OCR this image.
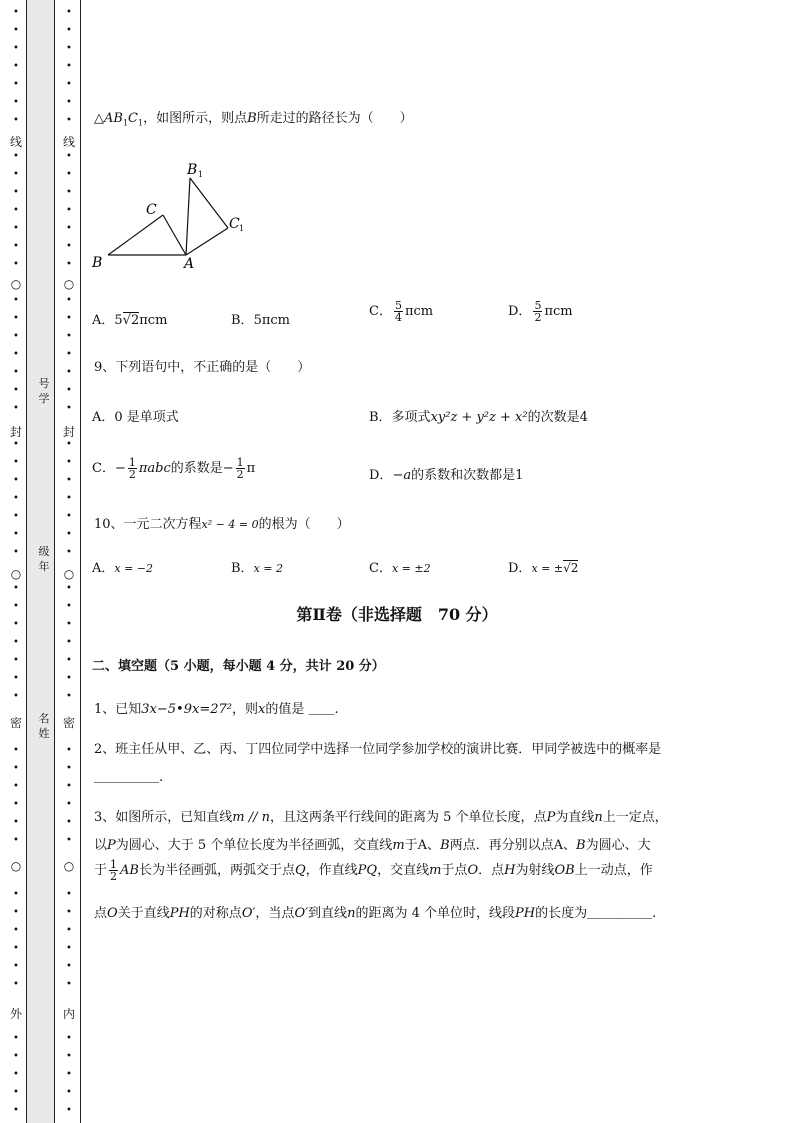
•
•
•
•
•
•
•
•
•
•
•
•
•
•
•
•
•
•
•
•
•
•
•
•
•
•
•
•
•
•
•
•
•
•
•
•
•
•
•
•
•
•
•
•
•
•
•
•
•
•
•
•
•
•
•
•
•
•
•
•
•
•
•
•
•
•
•
•
•
•
•
•
•
•
•
•
•
•
•
•
•
•
•
•
•
•
•
•
•
•
•
•
•
•
•
•
•
•
•
•
•
•
•
•
线
○
封
○
密
○
外
线
○
封
○
密
○
内
号学
级年
名姓
$\triangle AB_1C_1$，如图所示，则点B所走过的路径长为（　　）
B
C
A
B 1
C 1
A．5√2πcm	B．5πcm
C． $\frac{5}{4}$ πcm	D． $\frac{5}{2}$ πcm
9、下列语句中，不正确的是（　　）
A．0 是单项式	B．多项式xy²z + y²z + x²的次数是4
C．− $\frac{1}{2}$ πabc的系数是− $\frac{1}{2}$ π	D．−a的系数和次数都是1
10、一元二次方程x² − 4 = 0的根为（　　）
A．x = −2	B．x = 2	C．x = ±2	D．x = ±√2
第Ⅱ卷（非选择题　70 分）
二、填空题（5 小题，每小题 4 分，共计 20 分）
1、已知3x−5•9x=27²，则x的值是 ＿＿.
2、班主任从甲、乙、丙、丁四位同学中选择一位同学参加学校的演讲比赛．甲同学被选中的概率是
＿＿＿＿＿.
3、如图所示，已知直线m // n，且这两条平行线间的距离为 5 个单位长度，点P为直线n上一定点，
以P为圆心、大于 5 个单位长度为半径画弧，交直线m于A、B两点．再分别以点A、B为圆心、大
于 $\frac{1}{2}$ AB长为半径画弧，两弧交于点Q，作直线PQ，交直线m于点O．点H为射线OB上一动点，作
点O关于直线PH的对称点O′，当点O′到直线n的距离为 4 个单位时，线段PH的长度为＿＿＿＿＿.
